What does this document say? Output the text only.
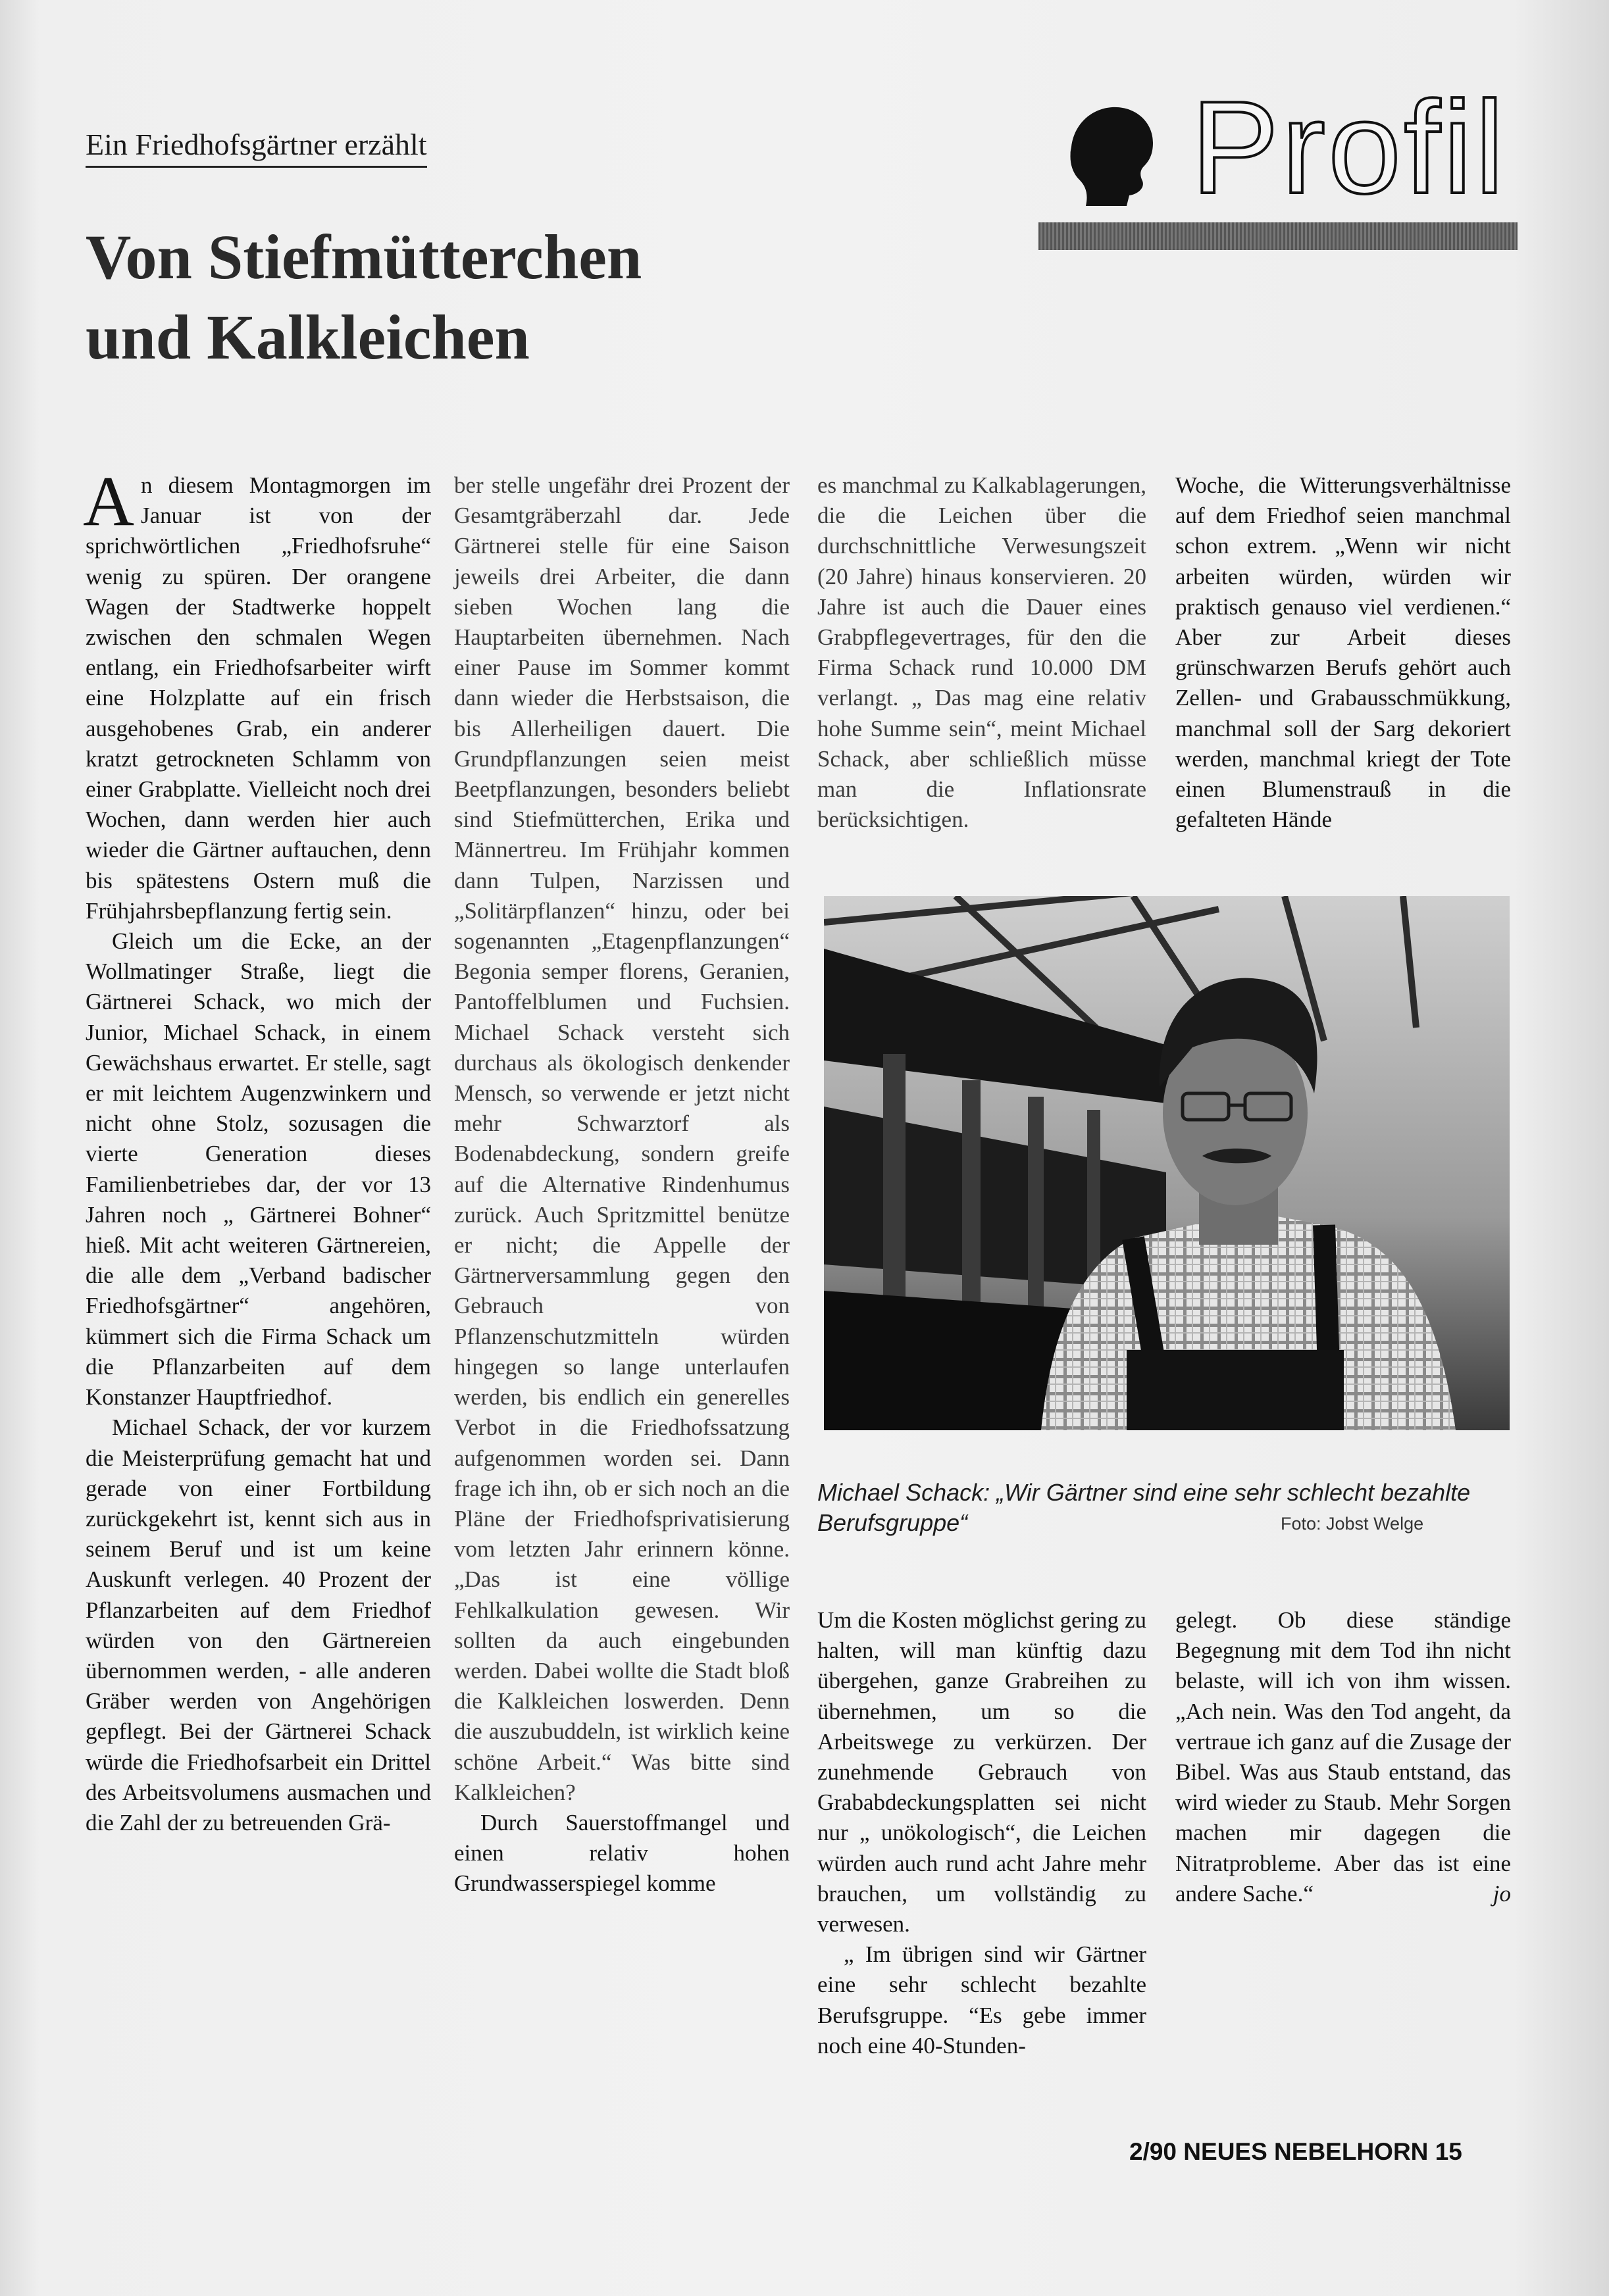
Ein Friedhofsgärtner erzählt
Von Stiefmütterchen
und Kalkleichen
Profil

An diesem Montagmorgen im Januar ist von der sprichwörtlichen „Friedhofsruhe“ wenig zu spüren. Der orangene Wagen der Stadtwerke hoppelt zwischen den schmalen Wegen entlang, ein Friedhofsarbeiter wirft eine Holzplatte auf ein frisch ausgehobenes Grab, ein anderer kratzt getrockneten Schlamm von einer Grabplatte. Vielleicht noch drei Wochen, dann werden hier auch wieder die Gärtner auftauchen, denn bis spätestens Ostern muß die Frühjahrsbepflanzung fertig sein.

Gleich um die Ecke, an der Wollmatinger Straße, liegt die Gärtnerei Schack, wo mich der Junior, Michael Schack, in einem Gewächshaus erwartet. Er stelle, sagt er mit leichtem Augenzwinkern und nicht ohne Stolz, sozusagen die vierte Generation dieses Familienbetriebes dar, der vor 13 Jahren noch „ Gärtnerei Bohner“ hieß. Mit acht weiteren Gärtnereien, die alle dem „Verband badischer Friedhofsgärtner“ angehören, kümmert sich die Firma Schack um die Pflanzarbeiten auf dem Konstanzer Hauptfriedhof.

Michael Schack, der vor kurzem die Meisterprüfung gemacht hat und gerade von einer Fortbildung zurückgekehrt ist, kennt sich aus in seinem Beruf und ist um keine Auskunft verlegen. 40 Prozent der Pflanzarbeiten auf dem Friedhof würden von den Gärtnereien übernommen werden, - alle anderen Gräber werden von Angehörigen gepflegt. Bei der Gärtnerei Schack würde die Friedhofsarbeit ein Drittel des Arbeitsvolumens ausmachen und die Zahl der zu betreuenden Grä-

ber stelle ungefähr drei Prozent der Gesamtgräberzahl dar. Jede Gärtnerei stelle für eine Saison jeweils drei Arbeiter, die dann sieben Wochen lang die Hauptarbeiten übernehmen. Nach einer Pause im Sommer kommt dann wieder die Herbstsaison, die bis Allerheiligen dauert. Die Grundpflanzungen seien meist Beetpflanzungen, besonders beliebt sind Stiefmütterchen, Erika und Männertreu. Im Frühjahr kommen dann Tulpen, Narzissen und „Solitärpflanzen“ hinzu, oder bei sogenannten „Etagenpflanzungen“ Begonia semper florens, Geranien, Pantoffelblumen und Fuchsien. Michael Schack versteht sich durchaus als ökologisch denkender Mensch, so verwende er jetzt nicht mehr Schwarztorf als Bodenabdeckung, sondern greife auf die Alternative Rindenhumus zurück. Auch Spritzmittel benütze er nicht; die Appelle der Gärtnerversammlung gegen den Gebrauch von Pflanzenschutzmitteln würden hingegen so lange unterlaufen werden, bis endlich ein generelles Verbot in die Friedhofssatzung aufgenommen worden sei. Dann frage ich ihn, ob er sich noch an die Pläne der Friedhofsprivatisierung vom letzten Jahr erinnern könne. „Das ist eine völlige Fehlkalkulation gewesen. Wir sollten da auch eingebunden werden. Dabei wollte die Stadt bloß die Kalkleichen loswerden. Denn die auszubuddeln, ist wirklich keine schöne Arbeit.“ Was bitte sind Kalkleichen?

Durch Sauerstoffmangel und einen relativ hohen Grundwasserspiegel komme

es manchmal zu Kalkablagerungen, die die Leichen über die durchschnittliche Verwesungszeit (20 Jahre) hinaus konservieren. 20 Jahre ist auch die Dauer eines Grabpflegevertrages, für den die Firma Schack rund 10.000 DM verlangt. „ Das mag eine relativ hohe Summe sein“, meint Michael Schack, aber schließlich müsse man die Inflationsrate berücksichtigen.

Woche, die Witterungsverhältnisse auf dem Friedhof seien manchmal schon extrem. „Wenn wir nicht arbeiten würden, würden wir praktisch genauso viel verdienen.“ Aber zur Arbeit dieses grünschwarzen Berufs gehört auch Zellen- und Grabausschmükkung, manchmal soll der Sarg dekoriert werden, manchmal kriegt der Tote einen Blumenstrauß in die gefalteten Hände

Michael Schack: „Wir Gärtner sind eine sehr schlecht bezahlte Berufsgruppe“	Foto: Jobst Welge

Um die Kosten möglichst gering zu halten, will man künftig dazu übergehen, ganze Grabreihen zu übernehmen, um so die Arbeitswege zu verkürzen. Der zunehmende Gebrauch von Grababdeckungsplatten sei nicht nur „ unökologisch“, die Leichen würden auch rund acht Jahre mehr brauchen, um vollständig zu verwesen.

„ Im übrigen sind wir Gärtner eine sehr schlecht bezahlte Berufsgruppe. “Es gebe immer noch eine 40-Stunden-

gelegt. Ob diese ständige Begegnung mit dem Tod ihn nicht belaste, will ich von ihm wissen. „Ach nein. Was den Tod angeht, da vertraue ich ganz auf die Zusage der Bibel. Was aus Staub entstand, das wird wieder zu Staub. Mehr Sorgen machen mir dagegen die Nitratprobleme. Aber das ist eine andere Sache.“	jo

2/90 NEUES NEBELHORN 15
